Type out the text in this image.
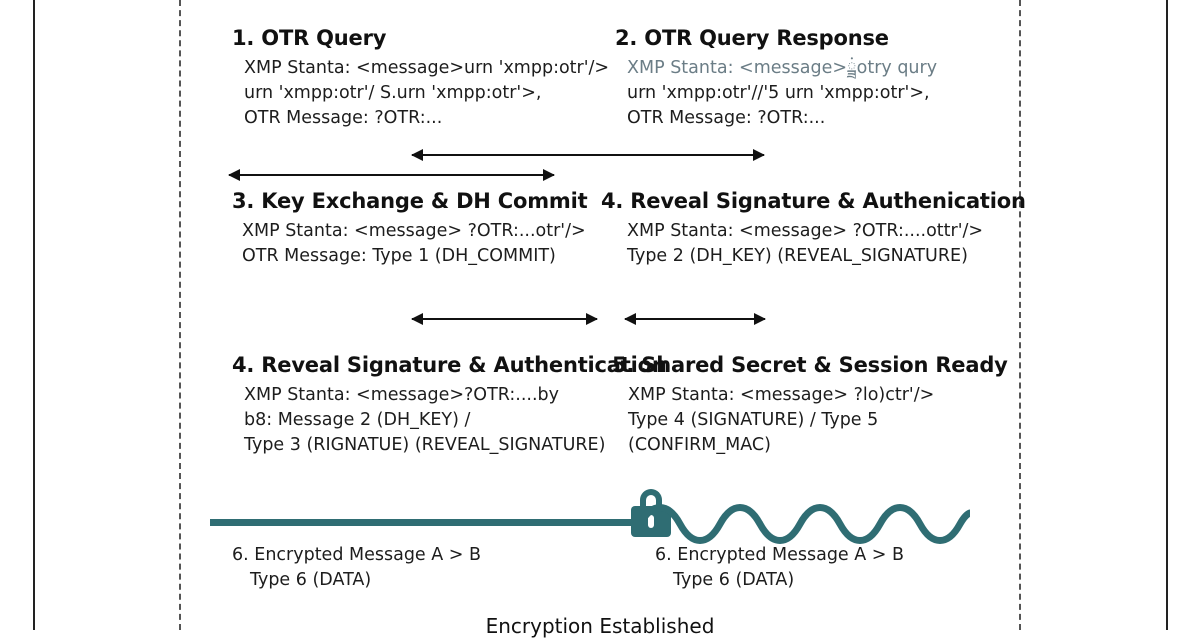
1. OTR Query
XMP Stanta: <message>urn 'xmpp:otr'/>
urn 'xmpp:otr'/ S.urn 'xmpp:otr'>,
OTR Message: ?OTR:...
2. OTR Query Response
XMP Stanta: <message>ྯ̇otry qury
urn 'xmpp:otr'//'5 urn 'xmpp:otr'>,
OTR Message: ?OTR:...
3. Key Exchange & DH Commit
XMP Stanta: <message> ?OTR:...otr'/>
OTR Message: Type 1 (DH_COMMIT)
4. Reveal Signature & Authenication
XMP Stanta: <message> ?OTR:....ottr'/>
Type 2 (DH_KEY) (REVEAL_SIGNATURE)
4. Reveal Signature & Authentication
XMP Stanta: <message>?OTR:....by
b8: Message 2 (DH_KEY) /
Type 3 (RIGNATUE) (REVEAL_SIGNATURE)
5. Shared Secret & Session Ready
XMP Stanta: <message> ?lo)ctr'/>
Type 4 (SIGNATURE) / Type 5
(CONFIRM_MAC)
6. Encrypted Message A > B
Type 6 (DATA)
6. Encrypted Message A > B
Type 6 (DATA)
Encryption Established
